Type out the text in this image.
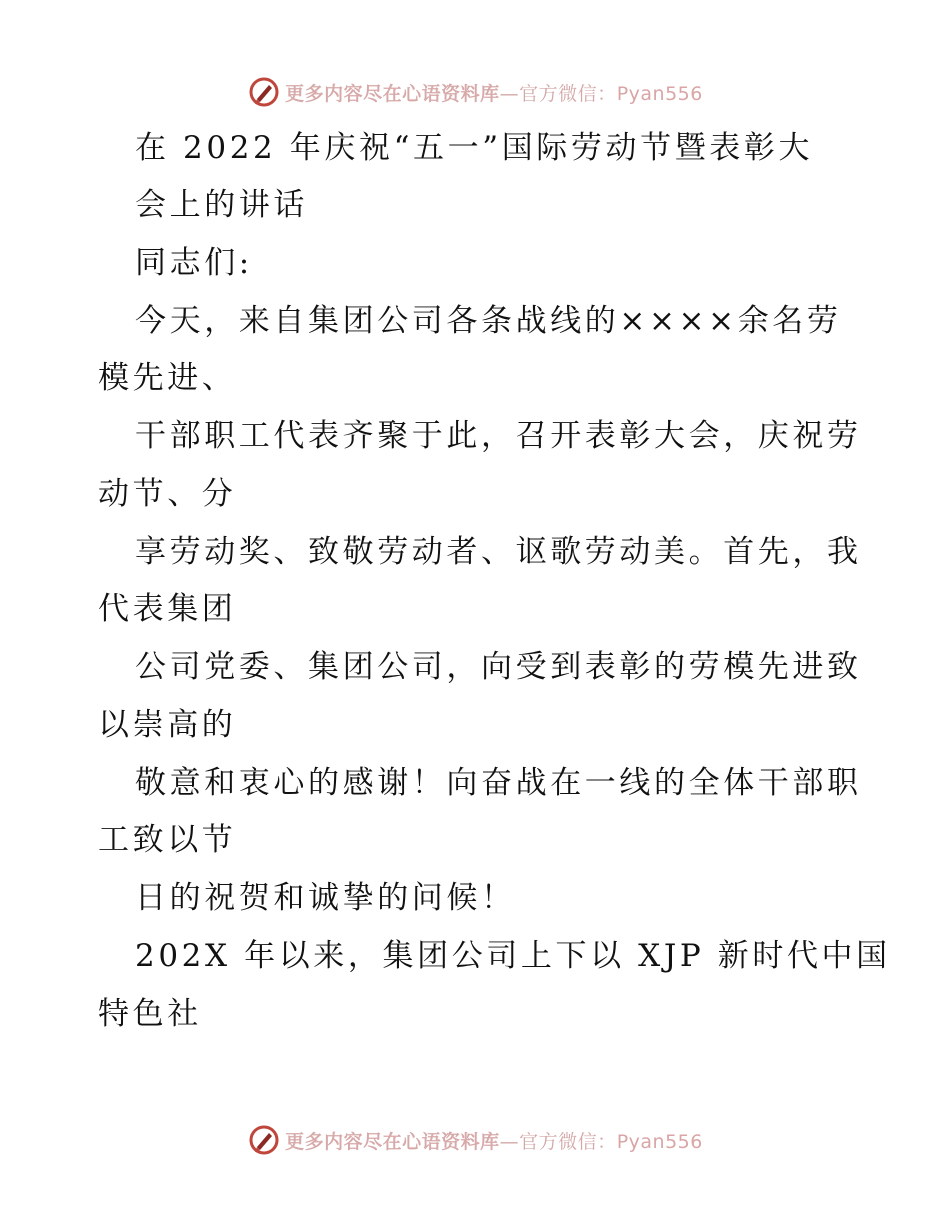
更多内容尽在心语资料库—官方微信：Pyan556
在 2022 年庆祝“五一”国际劳动节暨表彰大
会上的讲话
同志们:
今天，来自集团公司各条战线的××××余名劳
模先进、
干部职工代表齐聚于此，召开表彰大会，庆祝劳
动节、分
享劳动奖、致敬劳动者、讴歌劳动美。首先，我
代表集团
公司党委、集团公司，向受到表彰的劳模先进致
以崇高的
敬意和衷心的感谢！向奋战在一线的全体干部职
工致以节
日的祝贺和诚挚的问候！
202X 年以来，集团公司上下以 XJP 新时代中国
特色社
更多内容尽在心语资料库—官方微信：Pyan556
